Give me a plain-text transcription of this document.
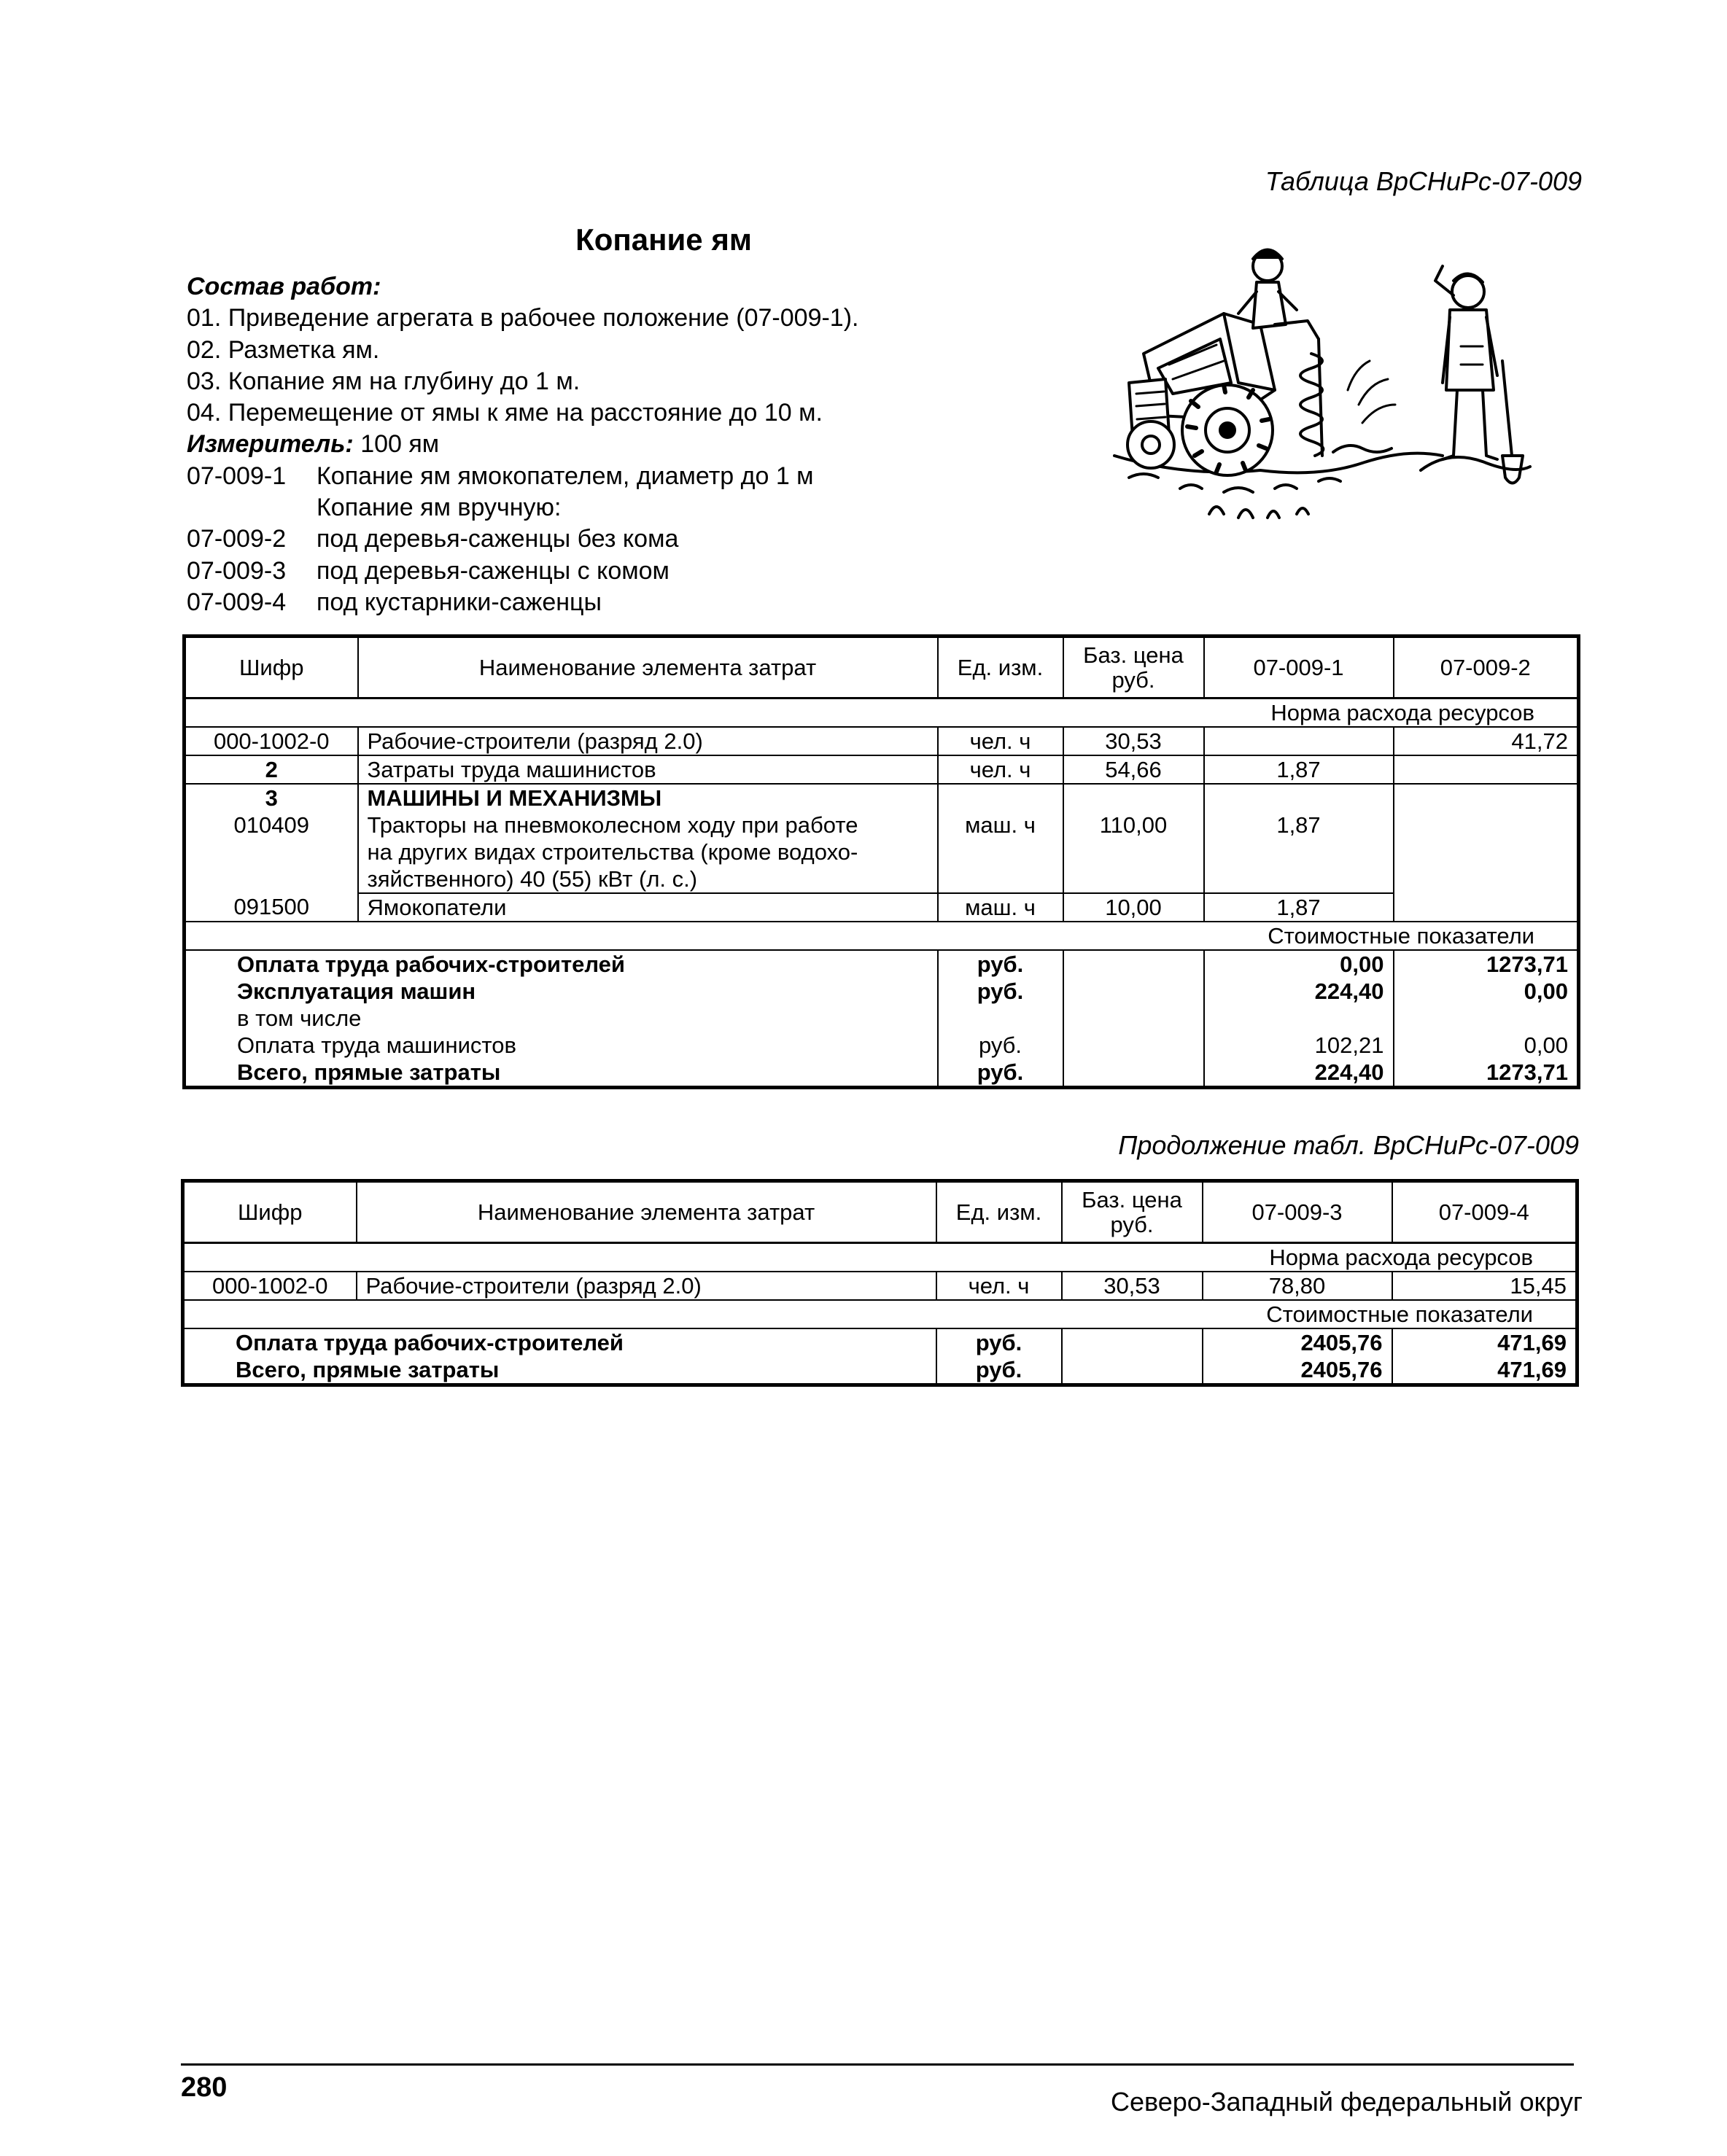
Таблица ВрСНиРс-07-009
Копание ям
Состав работ:
01. Приведение агрегата в рабочее положение (07-009-1).
02. Разметка ям.
03. Копание ям на глубину до 1 м.
04. Перемещение от ямы к яме на расстояние до 10 м.
Измеритель: 100 ям
07-009-1 Копание ям ямокопателем, диаметр до 1 м
Копание ям вручную:
07-009-2 под деревья-саженцы без кома
07-009-3 под деревья-саженцы с комом
07-009-4 под кустарники-саженцы
Шифр	Наименование элемента затрат	Ед. изм.	Баз. цена руб.	07-009-1	07-009-2
Норма расхода ресурсов					
000-1002-0	Рабочие-строители (разряд 2.0)	чел. ч	30,53		41,72
2	Затраты труда машинистов	чел. ч	54,66	1,87	
3	МАШИНЫ И МЕХАНИЗМЫ				
010409	Тракторы на пневмоколесном ходу при работе
на других видах строительства (кроме водохо-
зяйственного) 40 (55) кВт (л. с.)	маш. ч	110,00	1,87	
091500	Ямокопатели	маш. ч	10,00	1,87	
Стоимостные показатели					
Оплата труда рабочих-строителей		руб.		0,00	1273,71
Эксплуатация машин		руб.		224,40	0,00
в том числе					
Оплата труда машинистов		руб.		102,21	0,00
Всего, прямые затраты		руб.		224,40	1273,71
Продолжение табл. ВрСНиРс-07-009
Шифр	Наименование элемента затрат	Ед. изм.	Баз. цена руб.	07-009-3	07-009-4
Норма расхода ресурсов					
000-1002-0	Рабочие-строители (разряд 2.0)	чел. ч	30,53	78,80	15,45
Стоимостные показатели					
Оплата труда рабочих-строителей		руб.		2405,76	471,69
Всего, прямые затраты		руб.		2405,76	471,69
280	Северо-Западный федеральный округ
